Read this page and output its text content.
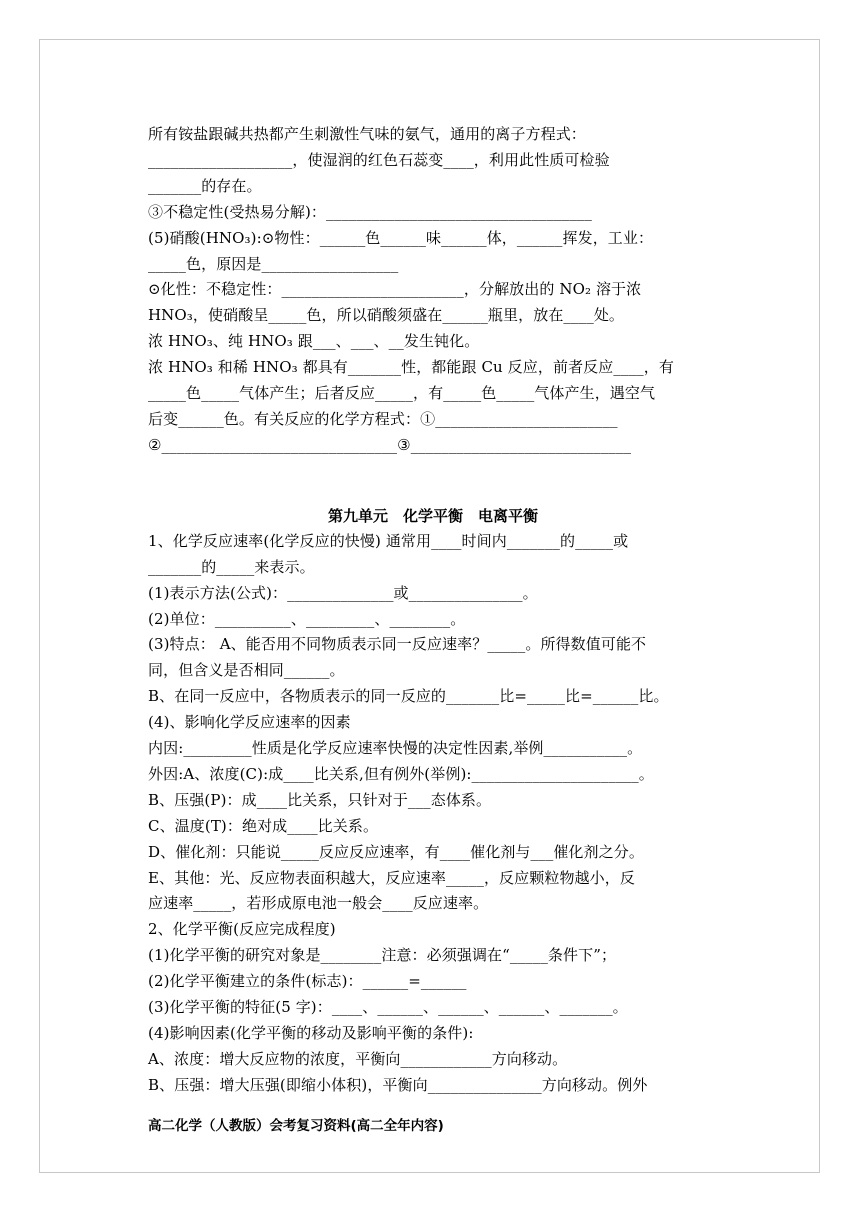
所有铵盐跟碱共热都产生刺激性气味的氨气，通用的离子方程式：
___________________，使湿润的红色石蕊变____，利用此性质可检验
_______的存在。
③不稳定性(受热易分解)：___________________________________
(5)硝酸(HNO₃):⊙物性：______色______味______体，______挥发，工业：
_____色，原因是__________________
⊙化性：不稳定性：________________________，分解放出的 NO₂ 溶于浓
HNO₃，使硝酸呈_____色，所以硝酸须盛在______瓶里，放在____处。
浓 HNO₃、纯 HNO₃ 跟___、___、__发生钝化。
浓 HNO₃ 和稀 HNO₃ 都具有_______性，都能跟 Cu 反应，前者反应____，有
_____色_____气体产生；后者反应_____，有_____色_____气体产生，遇空气
后变______色。有关反应的化学方程式：①________________________
②_______________________________③_____________________________
第九单元　化学平衡　电离平衡
1、化学反应速率(化学反应的快慢) 通常用____时间内_______的_____或
_______的_____来表示。
(1)表示方法(公式)：______________或_______________。
(2)单位：__________、_________、________。
(3)特点： A、能否用不同物质表示同一反应速率？_____。所得数值可能不
同，但含义是否相同______。
B、在同一反应中，各物质表示的同一反应的_______比=_____比=______比。
(4)、影响化学反应速率的因素
内因:_________性质是化学反应速率快慢的决定性因素,举例___________。
外因:A、浓度(C):成____比关系,但有例外(举例):______________________。
B、压强(P)：成____比关系，只针对于___态体系。
C、温度(T)：绝对成____比关系。
D、催化剂：只能说_____反应反应速率，有____催化剂与___催化剂之分。
E、其他：光、反应物表面积越大，反应速率_____，反应颗粒物越小，反
应速率_____，若形成原电池一般会____反应速率。
2、化学平衡(反应完成程度)
(1)化学平衡的研究对象是________注意：必须强调在“_____条件下”；
(2)化学平衡建立的条件(标志)：______=______
(3)化学平衡的特征(5 字)：____、______、______、______、_______。
(4)影响因素(化学平衡的移动及影响平衡的条件):
A、浓度：增大反应物的浓度，平衡向____________方向移动。
B、压强：增大压强(即缩小体积)，平衡向_______________方向移动。例外
高二化学（人教版）会考复习资料(高二全年内容)
